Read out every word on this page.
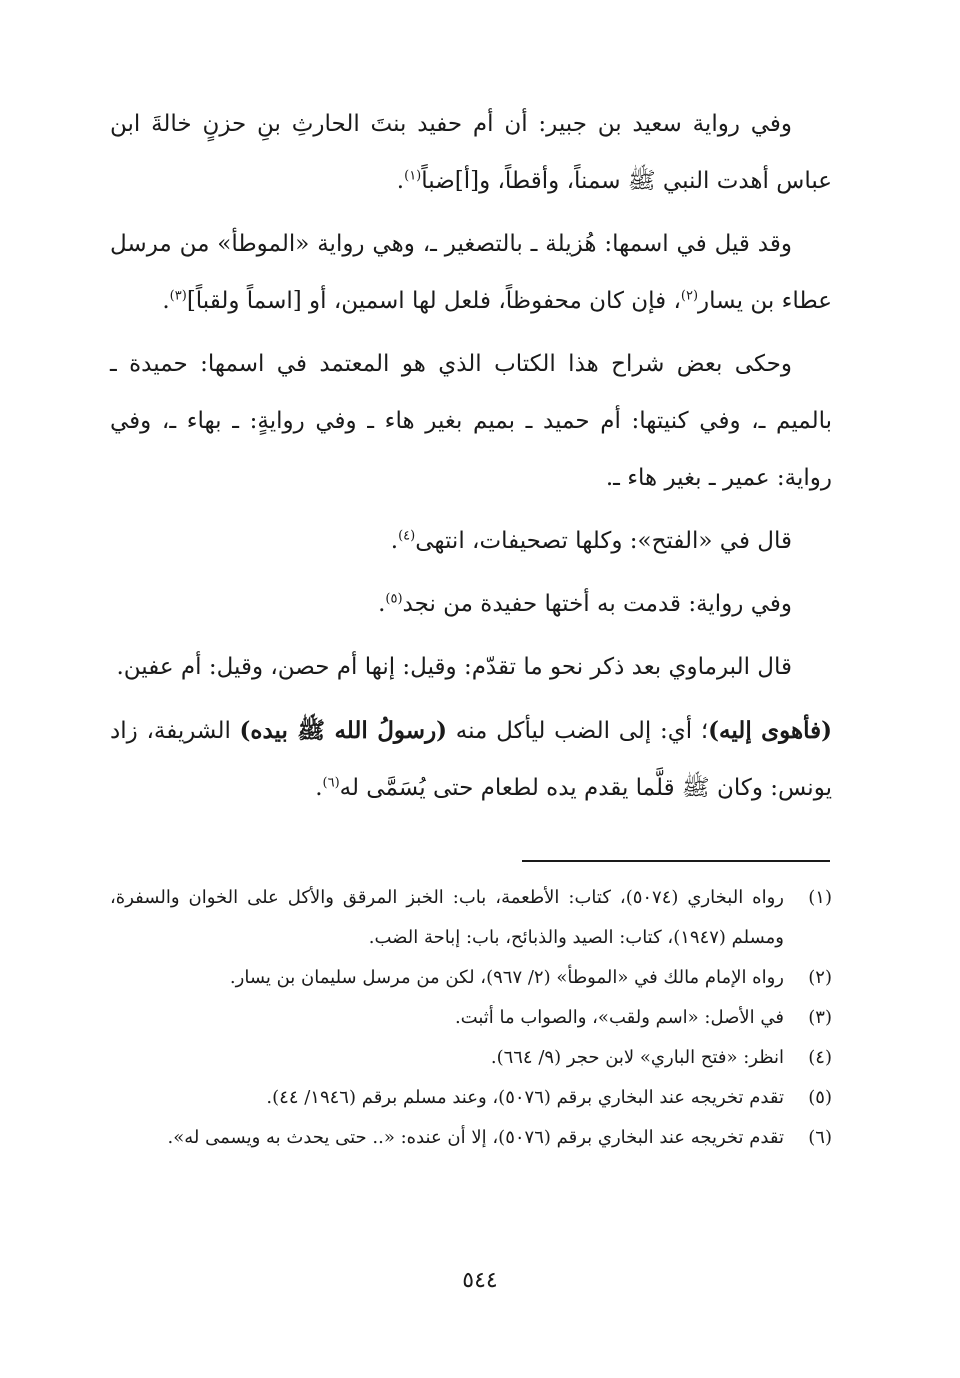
وفي رواية سعيد بن جبير: أن أم حفيد بنتَ الحارثِ بنِ حزنٍ خالةَ ابن عباس أهدت النبي ﷺ سمناً، وأقطاً، و[أ]ضباً$^{(١)}$.

وقد قيل في اسمها: هُزيلة ـ بالتصغير ـ، وهي رواية «الموطأ» من مرسل عطاء بن يسار$^{(٢)}$، فإن كان محفوظاً، فلعل لها اسمين، أو [اسماً ولقباً]$^{(٣)}$.

وحكى بعض شراح هذا الكتاب الذي هو المعتمد في اسمها: حميدة ـ بالميم ـ، وفي كنيتها: أم حميد ـ بميم بغير هاء ـ وفي روايةٍ: ـ بهاء ـ، وفي رواية: عمير ـ بغير هاء ـ.

قال في «الفتح»: وكلها تصحيفات، انتهى$^{(٤)}$.

وفي رواية: قدمت به أختها حفيدة من نجد$^{(٥)}$.

قال البرماوي بعد ذكر نحو ما تقدّم: وقيل: إنها أم حصن، وقيل: أم عفين.

(فأهوى إليه)؛ أي: إلى الضب ليأكل منه (رسولُ الله ﷺ بيده) الشريفة، زاد يونس: وكان ﷺ قلَّما يقدم يده لطعام حتى يُسَمَّى له$^{(٦)}$.

(١)
رواه البخاري (٥٠٧٤)، كتاب: الأطعمة، باب: الخبز المرقق والأكل على الخوان والسفرة، ومسلم (١٩٤٧)، كتاب: الصيد والذبائح، باب: إباحة الضب.
(٢)
رواه الإمام مالك في «الموطأ» (٢/ ٩٦٧)، لكن من مرسل سليمان بن يسار.
(٣)
في الأصل: «اسم ولقب»، والصواب ما أثبت.
(٤)
انظر: «فتح الباري» لابن حجر (٩/ ٦٦٤).
(٥)
تقدم تخريجه عند البخاري برقم (٥٠٧٦)، وعند مسلم برقم (١٩٤٦/ ٤٤).
(٦)
تقدم تخريجه عند البخاري برقم (٥٠٧٦)، إلا أن عنده: «.. حتى يحدث به ويسمى له».
٥٤٤
